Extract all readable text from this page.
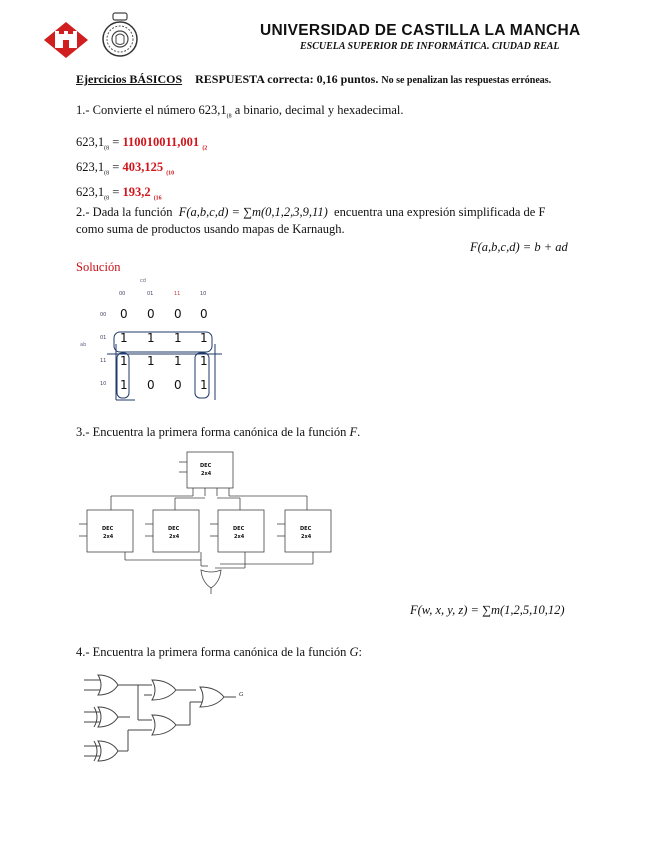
UNIVERSIDAD DE CASTILLA LA MANCHA
ESCUELA SUPERIOR DE INFORMÁTICA. CIUDAD REAL
Ejercicios BÁSICOS RESPUESTA correcta: 0,16 puntos. No se penalizan las respuestas erróneas.
1.- Convierte el número $623,1_{(8}$ a binario, decimal y hexadecimal.
$623,1_{(8} = 110010011,001$ $_{(2}$
$623,1_{(8} = 403,125$ $_{(10}$
$623,1_{(8} = 193,2$ $_{(16}$
2.- Dada la función F(a,b,c,d) = ∑m(0,1,2,3,9,11) encuentra una expresión simplificada de F
como suma de productos usando mapas de Karnaugh.
F(a,b,c,d) = b + ad
Solución
cd
ab
00	01	11	10
00
01
11
10
0 0 0 0
1 1 1 1
1 1 1 1
1 0 0 1
3.- Encuentra la primera forma canónica de la función F.
DEC
2x4
DEC
2x4
DEC
2x4
DEC
2x4
DEC
2x4
F(w, x, y, z) = ∑m(1,2,5,10,12)
4.- Encuentra la primera forma canónica de la función G:
G
